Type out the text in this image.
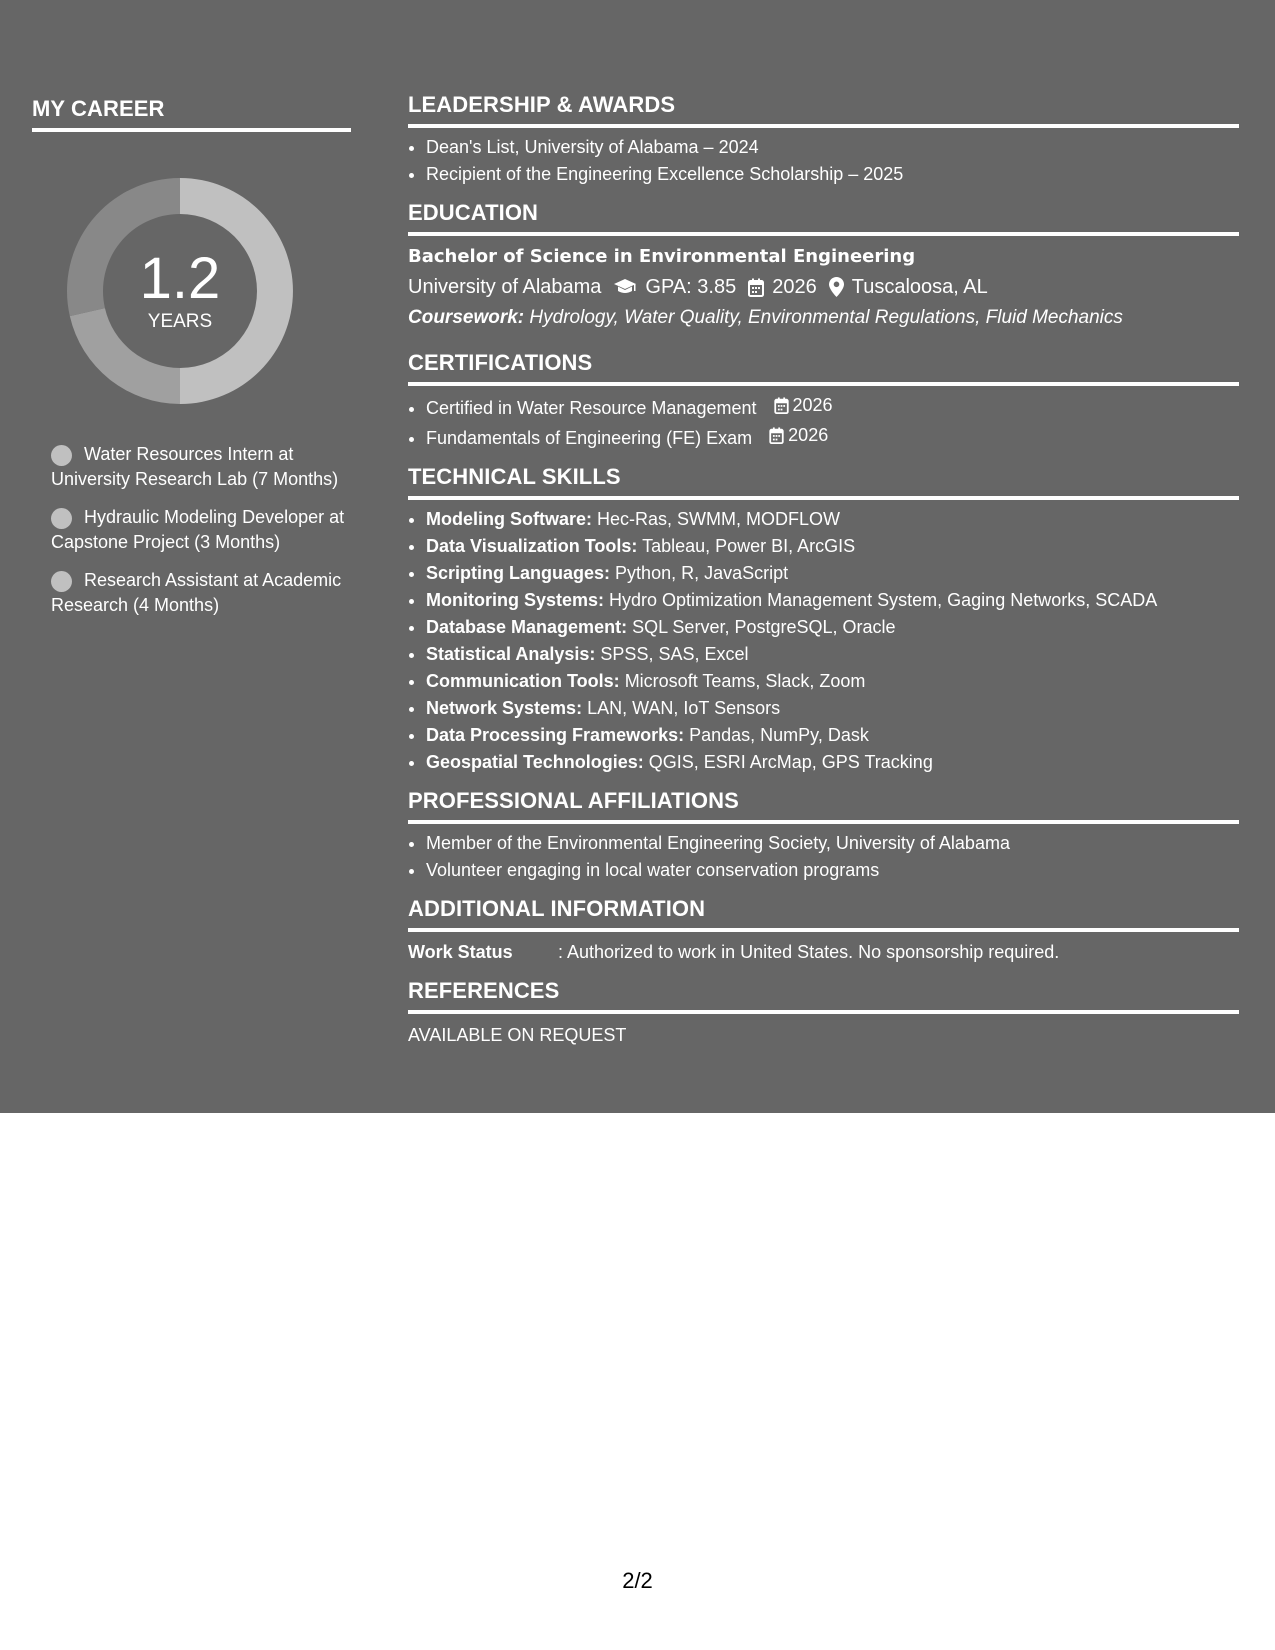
MY CAREER
1.2
YEARS
Water Resources Intern at University Research Lab (7 Months)
Hydraulic Modeling Developer at Capstone Project (3 Months)
Research Assistant at Academic Research (4 Months)
LEADERSHIP & AWARDS
• Dean's List, University of Alabama – 2024
• Recipient of the Engineering Excellence Scholarship – 2025
EDUCATION
Bachelor of Science in Environmental Engineering
University of Alabama GPA: 3.85 2026 Tuscaloosa, AL
Coursework: Hydrology, Water Quality, Environmental Regulations, Fluid Mechanics
CERTIFICATIONS
• Certified in Water Resource Management 2026
• Fundamentals of Engineering (FE) Exam 2026
TECHNICAL SKILLS
• Modeling Software: Hec-Ras, SWMM, MODFLOW
• Data Visualization Tools: Tableau, Power BI, ArcGIS
• Scripting Languages: Python, R, JavaScript
• Monitoring Systems: Hydro Optimization Management System, Gaging Networks, SCADA
• Database Management: SQL Server, PostgreSQL, Oracle
• Statistical Analysis: SPSS, SAS, Excel
• Communication Tools: Microsoft Teams, Slack, Zoom
• Network Systems: LAN, WAN, IoT Sensors
• Data Processing Frameworks: Pandas, NumPy, Dask
• Geospatial Technologies: QGIS, ESRI ArcMap, GPS Tracking
PROFESSIONAL AFFILIATIONS
• Member of the Environmental Engineering Society, University of Alabama
• Volunteer engaging in local water conservation programs
ADDITIONAL INFORMATION
Work Status	: Authorized to work in United States. No sponsorship required.
REFERENCES
AVAILABLE ON REQUEST
2/2
